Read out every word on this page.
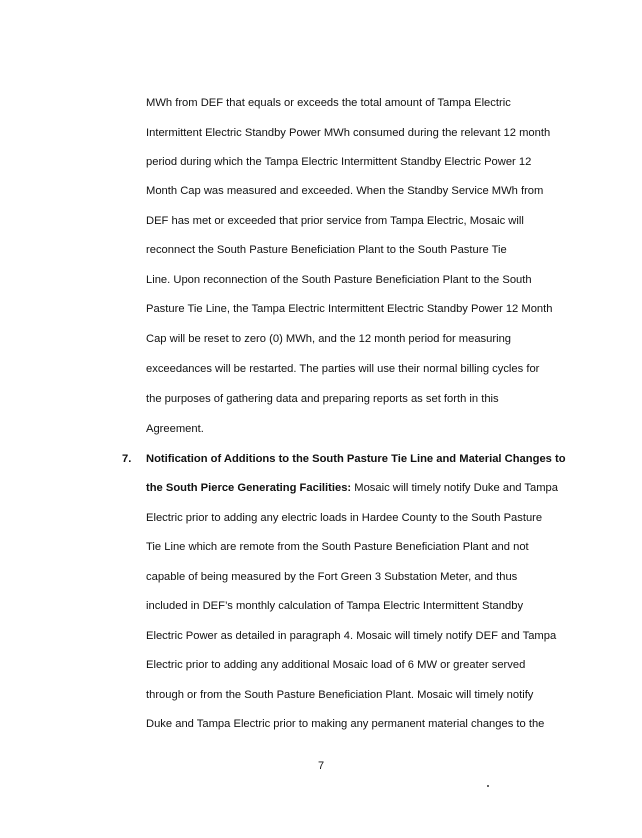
MWh from DEF that equals or exceeds the total amount of Tampa Electric
Intermittent Electric Standby Power MWh consumed during the relevant 12 month
period during which the Tampa Electric Intermittent Standby Electric Power 12
Month Cap was measured and exceeded. When the Standby Service MWh from
DEF has met or exceeded that prior service from Tampa Electric, Mosaic will
reconnect the South Pasture Beneficiation Plant to the South Pasture Tie
Line. Upon reconnection of the South Pasture Beneficiation Plant to the South
Pasture Tie Line, the Tampa Electric Intermittent Electric Standby Power 12 Month
Cap will be reset to zero (0) MWh, and the 12 month period for measuring
exceedances will be restarted. The parties will use their normal billing cycles for
the purposes of gathering data and preparing reports as set forth in this
Agreement.
7. Notification of Additions to the South Pasture Tie Line and Material Changes to
the South Pierce Generating Facilities: Mosaic will timely notify Duke and Tampa
Electric prior to adding any electric loads in Hardee County to the South Pasture
Tie Line which are remote from the South Pasture Beneficiation Plant and not
capable of being measured by the Fort Green 3 Substation Meter, and thus
included in DEF’s monthly calculation of Tampa Electric Intermittent Standby
Electric Power as detailed in paragraph 4. Mosaic will timely notify DEF and Tampa
Electric prior to adding any additional Mosaic load of 6 MW or greater served
through or from the South Pasture Beneficiation Plant. Mosaic will timely notify
Duke and Tampa Electric prior to making any permanent material changes to the
7
